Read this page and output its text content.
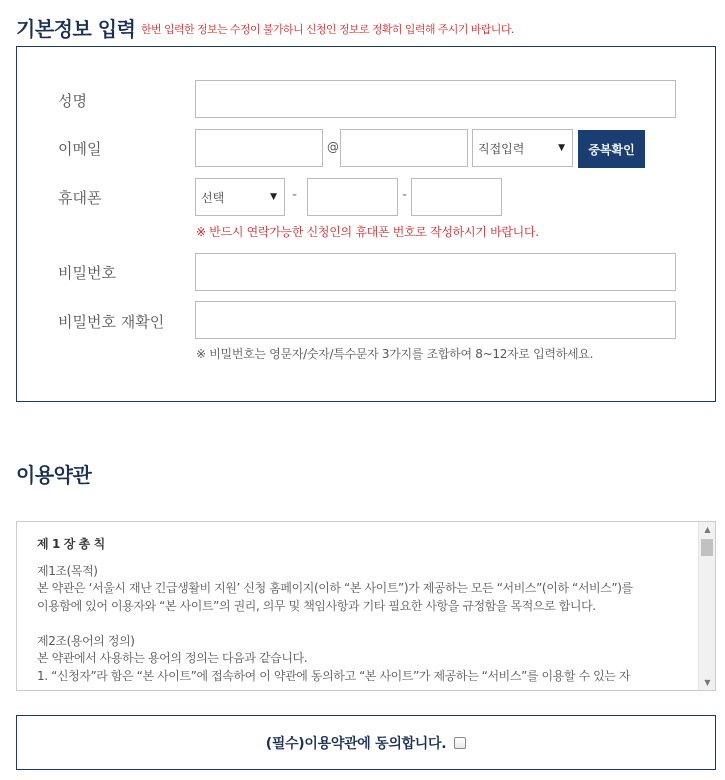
기본정보 입력 한번 입력한 정보는 수정이 불가하니 신청인 정보로 정확히 입력해 주시기 바랍니다.
성명
이메일	@	직접입력	▼	중복확인
휴대폰	선택	▼ -	-
※ 반드시 연락가능한 신청인의 휴대폰 번호로 작성하시기 바랍니다.
비밀번호
비밀번호 재확인
※ 비밀번호는 영문자/숫자/특수문자 3가지를 조합하여 8~12자로 입력하세요.
이용약관
제 1 장 총 칙
제1조(목적)
본 약관은 ‘서울시 재난 긴급생활비 지원’ 신청 홈페이지(이하 “본 사이트”)가 제공하는 모든 “서비스”(이하 “서비스”)를
이용함에 있어 이용자와 “본 사이트”의 권리, 의무 및 책임사항과 기타 필요한 사항을 규정함을 목적으로 합니다.
제2조(용어의 정의)
본 약관에서 사용하는 용어의 정의는 다음과 같습니다.
1. “신청자”라 함은 “본 사이트”에 접속하여 이 약관에 동의하고 “본 사이트”가 제공하는 “서비스”를 이용할 수 있는 자
▲
▼
(필수)이용약관에 동의합니다.
